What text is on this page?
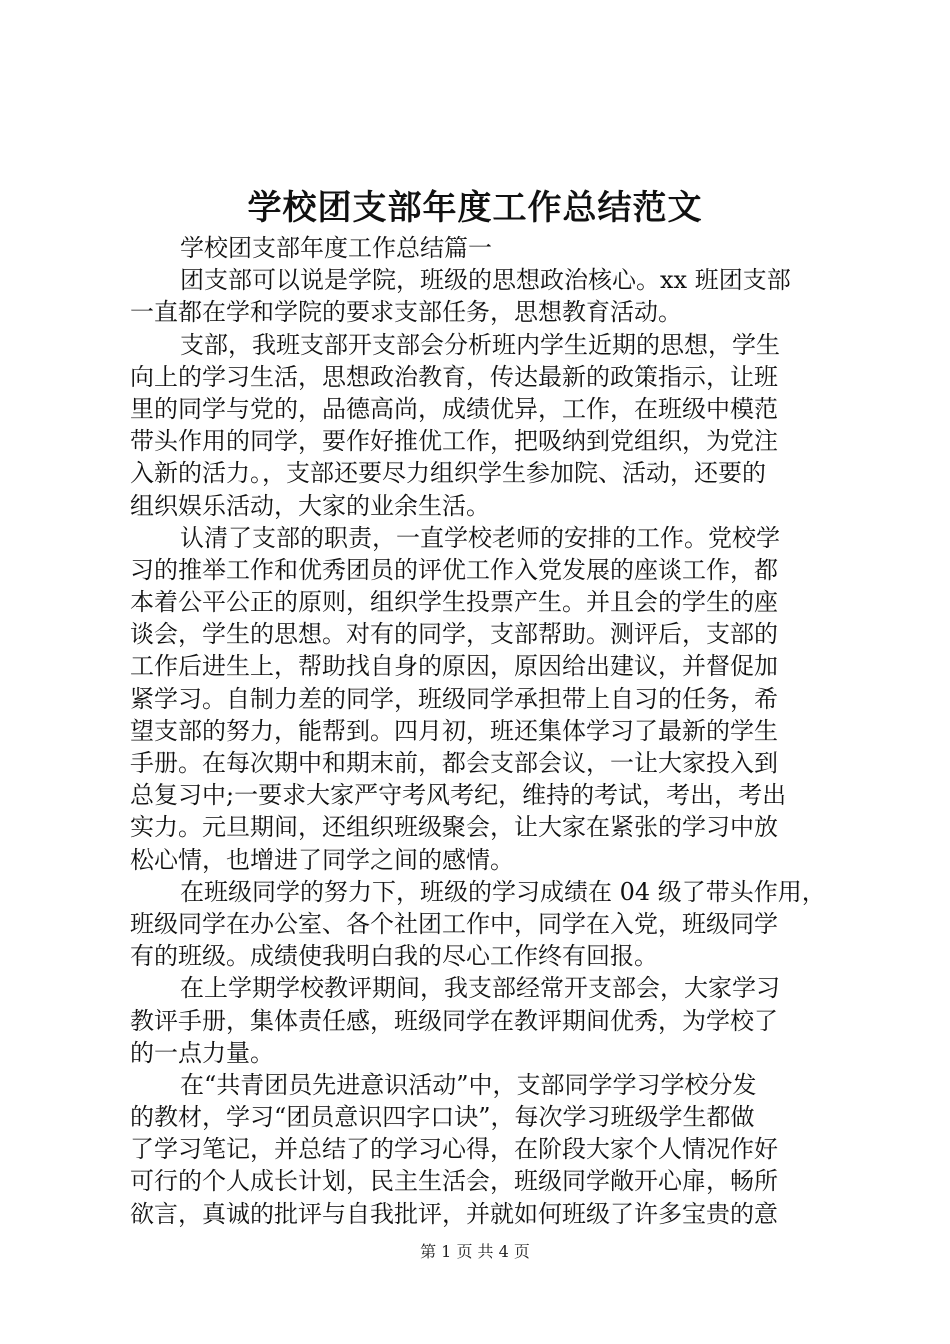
学校团支部年度工作总结范文
学校团支部年度工作总结篇一
团支部可以说是学院，班级的思想政治核心。xx 班团支部
一直都在学和学院的要求支部任务，思想教育活动。
支部，我班支部开支部会分析班内学生近期的思想，学生
向上的学习生活，思想政治教育，传达最新的政策指示，让班
里的同学与党的，品德高尚，成绩优异，工作，在班级中模范
带头作用的同学，要作好推优工作，把吸纳到党组织，为党注
入新的活力。，支部还要尽力组织学生参加院、活动，还要的
组织娱乐活动，大家的业余生活。
认清了支部的职责，一直学校老师的安排的工作。党校学
习的推举工作和优秀团员的评优工作入党发展的座谈工作，都
本着公平公正的原则，组织学生投票产生。并且会的学生的座
谈会，学生的思想。对有的同学，支部帮助。测评后，支部的
工作后进生上，帮助找自身的原因，原因给出建议，并督促加
紧学习。自制力差的同学，班级同学承担带上自习的任务，希
望支部的努力，能帮到。四月初，班还集体学习了最新的学生
手册。在每次期中和期末前，都会支部会议，一让大家投入到
总复习中;一要求大家严守考风考纪，维持的考试，考出，考出
实力。元旦期间，还组织班级聚会，让大家在紧张的学习中放
松心情，也增进了同学之间的感情。
在班级同学的努力下，班级的学习成绩在 04 级了带头作用，
班级同学在办公室、各个社团工作中，同学在入党，班级同学
有的班级。成绩使我明白我的尽心工作终有回报。
在上学期学校教评期间，我支部经常开支部会，大家学习
教评手册，集体责任感，班级同学在教评期间优秀，为学校了
的一点力量。
在“共青团员先进意识活动”中，支部同学学习学校分发
的教材，学习“团员意识四字口诀”，每次学习班级学生都做
了学习笔记，并总结了的学习心得，在阶段大家个人情况作好
可行的个人成长计划，民主生活会，班级同学敞开心扉，畅所
欲言，真诚的批评与自我批评，并就如何班级了许多宝贵的意
第 1 页 共 4 页
